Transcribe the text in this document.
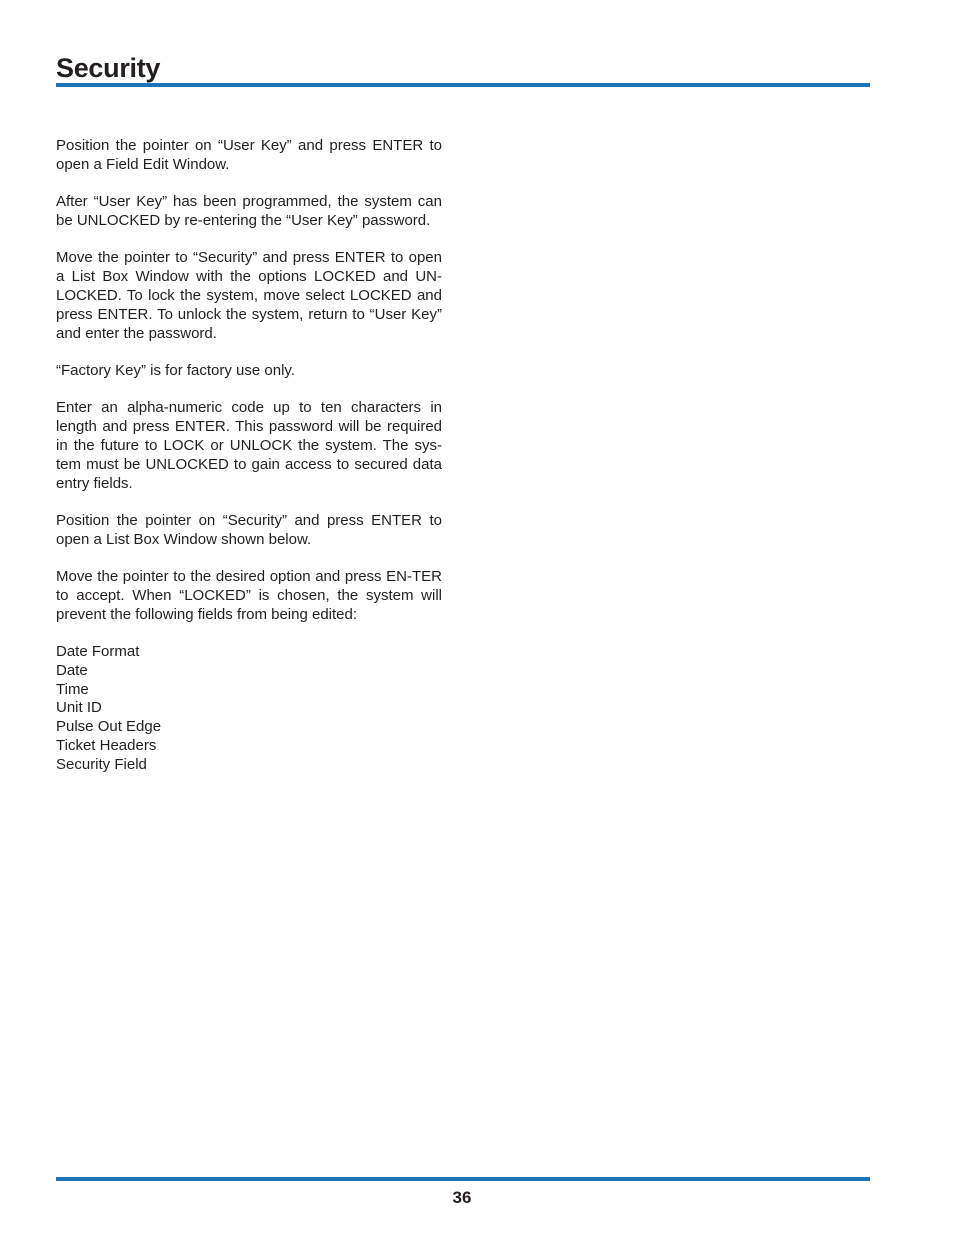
Security

Position the pointer on “User Key” and press ENTER to open a Field Edit Window.

After “User Key” has been programmed, the system can be UNLOCKED by re-entering the “User Key” password.

Move the pointer to “Security” and press ENTER to open a List Box Window with the options LOCKED and UN-LOCKED. To lock the system, move select LOCKED and press ENTER. To unlock the system, return to “User Key” and enter the password.

“Factory Key” is for factory use only.

Enter an alpha-numeric code up to ten characters in length and press ENTER. This password will be required in the future to LOCK or UNLOCK the system. The sys-tem must be UNLOCKED to gain access to secured data entry fields.

Position the pointer on “Security” and press ENTER to open a List Box Window shown below.

Move the pointer to the desired option and press EN-TER to accept. When “LOCKED” is chosen, the system will prevent the following fields from being edited:

Date Format
Date
Time
Unit ID
Pulse Out Edge
Ticket Headers
Security Field
36
